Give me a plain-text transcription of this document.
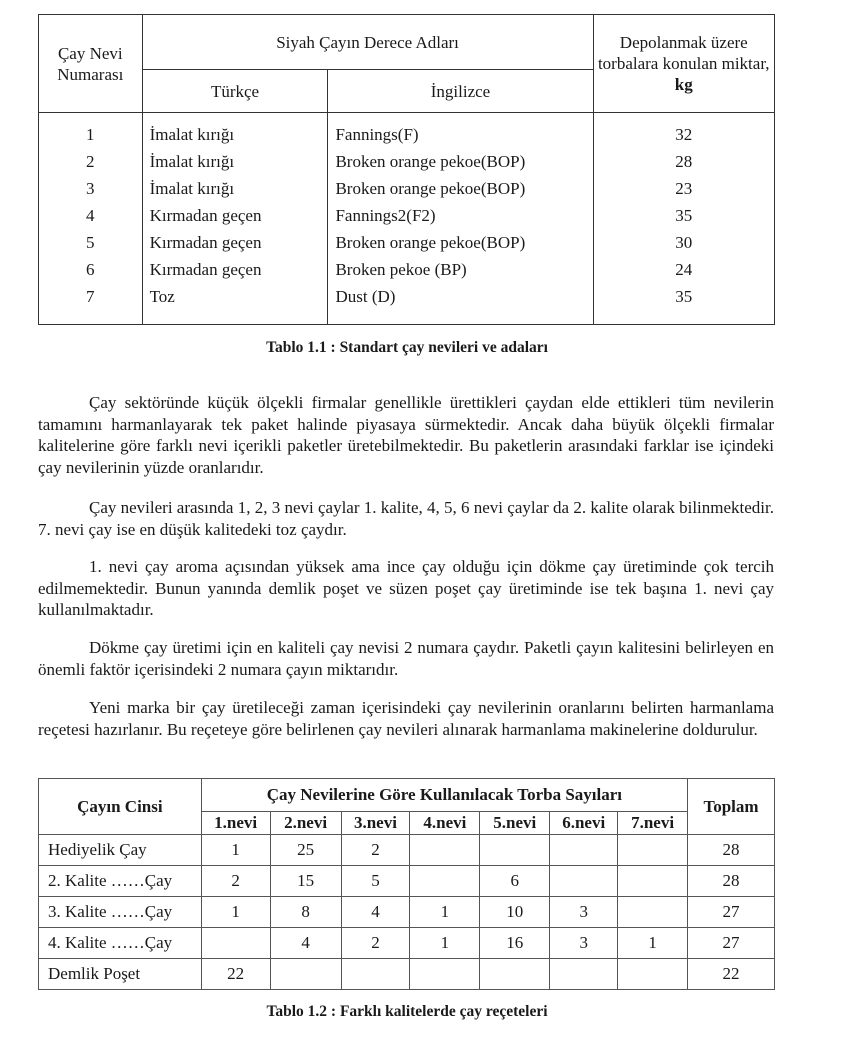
Çay Nevi Numarası	Siyah Çayın Derece Adları		Depolanmak üzere torbalara konulan miktar, kg
	Türkçe	İngilizce	
1	İmalat kırığı	Fannings(F)	32
2	İmalat kırığı	Broken orange pekoe(BOP)	28
3	İmalat kırığı	Broken orange pekoe(BOP)	23
4	Kırmadan geçen	Fannings2(F2)	35
5	Kırmadan geçen	Broken orange pekoe(BOP)	30
6	Kırmadan geçen	Broken pekoe (BP)	24
7	Toz	Dust (D)	35
Tablo 1.1 : Standart çay nevileri ve adaları

Çay sektöründe küçük ölçekli firmalar genellikle ürettikleri çaydan elde ettikleri tüm nevilerin tamamını harmanlayarak tek paket halinde piyasaya sürmektedir. Ancak daha büyük ölçekli firmalar kalitelerine göre farklı nevi içerikli paketler üretebilmektedir. Bu paketlerin arasındaki farklar ise içindeki çay nevilerinin yüzde oranlarıdır.

Çay nevileri arasında 1, 2, 3 nevi çaylar 1. kalite, 4, 5, 6 nevi çaylar da 2. kalite olarak bilinmektedir. 7. nevi çay ise en düşük kalitedeki toz çaydır.

1. nevi çay aroma açısından yüksek ama ince çay olduğu için dökme çay üretiminde çok tercih edilmemektedir. Bunun yanında demlik poşet ve süzen poşet çay üretiminde ise tek başına 1. nevi çay kullanılmaktadır.

Dökme çay üretimi için en kaliteli çay nevisi 2 numara çaydır. Paketli çayın kalitesini belirleyen en önemli faktör içerisindeki 2 numara çayın miktarıdır.

Yeni marka bir çay üretileceği zaman içerisindeki çay nevilerinin oranlarını belirten harmanlama reçetesi hazırlanır. Bu reçeteye göre belirlenen çay nevileri alınarak harmanlama makinelerine doldurulur.

Çayın Cinsi	Çay Nevilerine Göre Kullanılacak Torba Sayıları							Toplam
	1.nevi	2.nevi	3.nevi	4.nevi	5.nevi	6.nevi	7.nevi	
Hediyelik Çay	1	25	2					28
2. Kalite ……Çay	2	15	5		6			28
3. Kalite ……Çay	1	8	4	1	10	3		27
4. Kalite ……Çay		4	2	1	16	3	1	27
Demlik Poşet	22							22
Tablo 1.2 : Farklı kalitelerde çay reçeteleri
